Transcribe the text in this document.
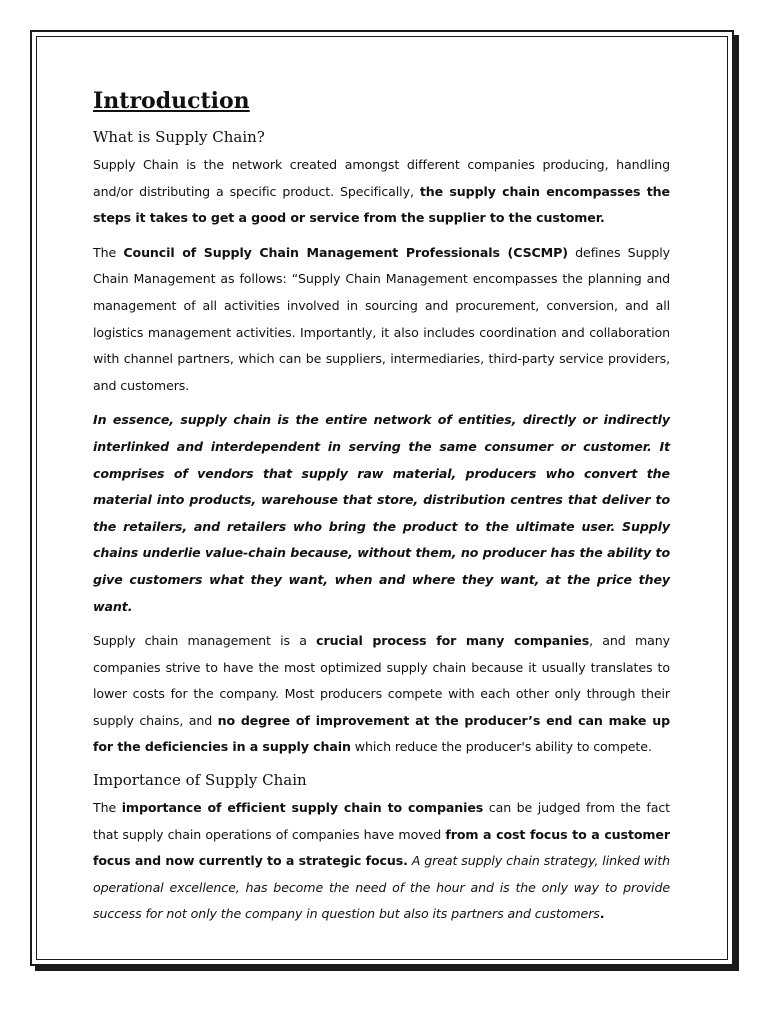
Introduction
What is Supply Chain?

Supply Chain is the network created amongst different companies producing, handling and/or distributing a specific product. Specifically, the supply chain encompasses the steps it takes to get a good or service from the supplier to the customer.

The Council of Supply Chain Management Professionals (CSCMP) defines Supply Chain Management as follows: “Supply Chain Management encompasses the planning and management of all activities involved in sourcing and procurement, conversion, and all logistics management activities. Importantly, it also includes coordination and collaboration with channel partners, which can be suppliers, intermediaries, third-party service providers, and customers.

In essence, supply chain is the entire network of entities, directly or indirectly interlinked and interdependent in serving the same consumer or customer. It comprises of vendors that supply raw material, producers who convert the material into products, warehouse that store, distribution centres that deliver to the retailers, and retailers who bring the product to the ultimate user. Supply chains underlie value-chain because, without them, no producer has the ability to give customers what they want, when and where they want, at the price they want.

Supply chain management is a crucial process for many companies, and many companies strive to have the most optimized supply chain because it usually translates to lower costs for the company. Most producers compete with each other only through their supply chains, and no degree of improvement at the producer’s end can make up for the deficiencies in a supply chain which reduce the producer's ability to compete.

Importance of Supply Chain

The importance of efficient supply chain to companies can be judged from the fact that supply chain operations of companies have moved from a cost focus to a customer focus and now currently to a strategic focus. A great supply chain strategy, linked with operational excellence, has become the need of the hour and is the only way to provide success for not only the company in question but also its partners and customers.
